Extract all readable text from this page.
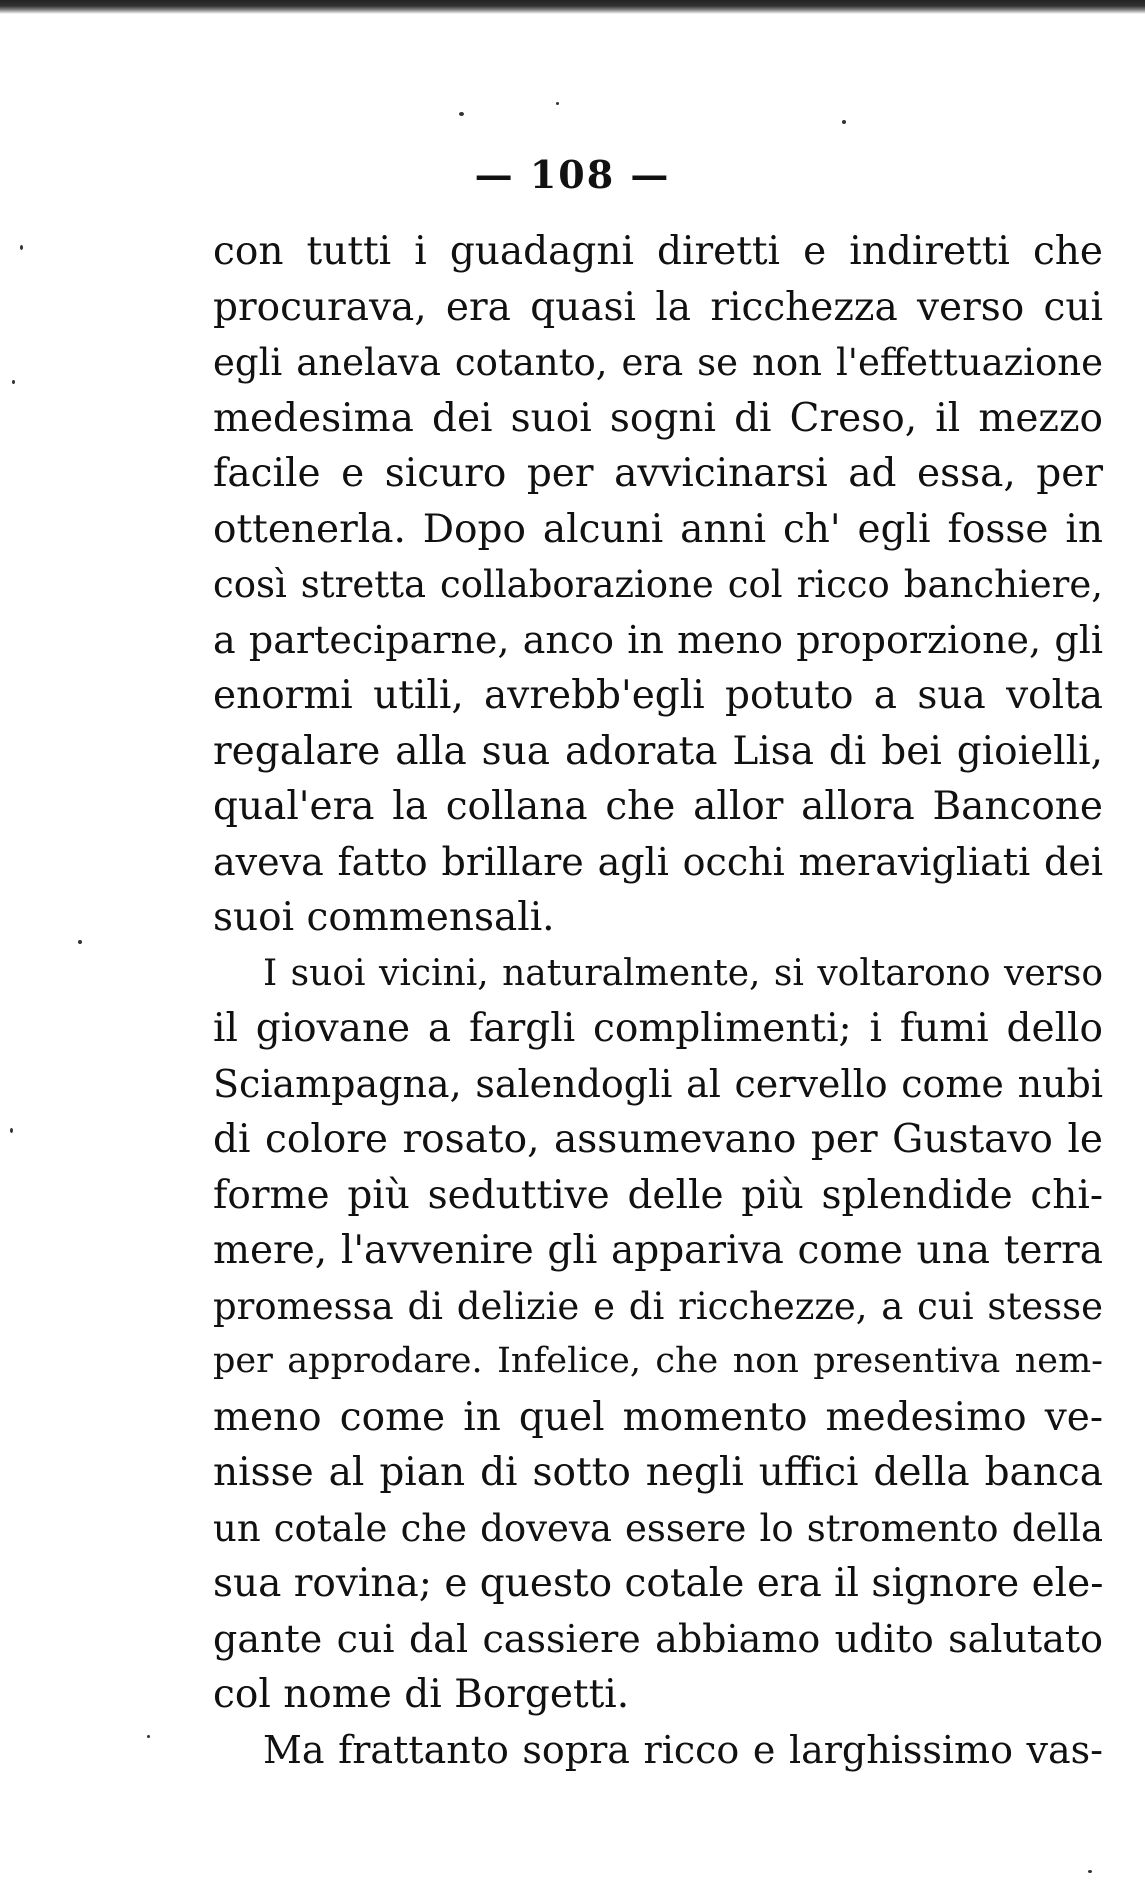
— 108 —
con tutti i guadagni diretti e indiretti che
procurava, era quasi la ricchezza verso cui
egli anelava cotanto, era se non l'effettuazione
medesima dei suoi sogni di Creso, il mezzo
facile e sicuro per avvicinarsi ad essa, per
ottenerla. Dopo alcuni anni ch' egli fosse in
così stretta collaborazione col ricco banchiere,
a parteciparne, anco in meno proporzione, gli
enormi utili, avrebb'egli potuto a sua volta
regalare alla sua adorata Lisa di bei gioielli,
qual'era la collana che allor allora Bancone
aveva fatto brillare agli occhi meravigliati dei
suoi commensali.
I suoi vicini, naturalmente, si voltarono verso
il giovane a fargli complimenti; i fumi dello
Sciampagna, salendogli al cervello come nubi
di colore rosato, assumevano per Gustavo le
forme più seduttive delle più splendide chi-
mere, l'avvenire gli appariva come una terra
promessa di delizie e di ricchezze, a cui stesse
per approdare. Infelice, che non presentiva nem-
meno come in quel momento medesimo ve-
nisse al pian di sotto negli uffici della banca
un cotale che doveva essere lo stromento della
sua rovina; e questo cotale era il signore ele-
gante cui dal cassiere abbiamo udito salutato
col nome di Borgetti.
Ma frattanto sopra ricco e larghissimo vas-
